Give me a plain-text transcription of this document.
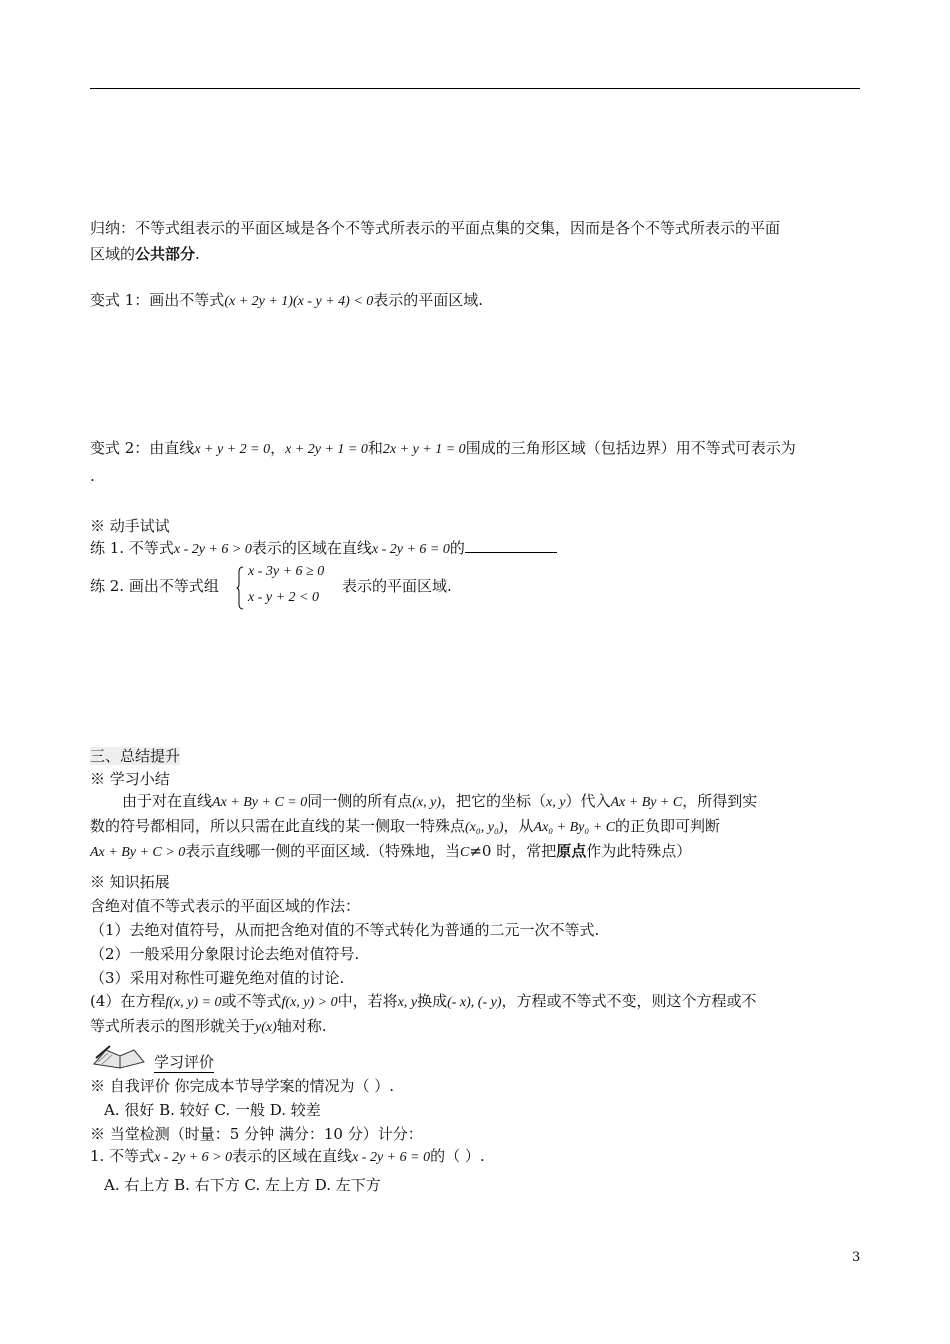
归纳：不等式组表示的平面区域是各个不等式所表示的平面点集的交集，因而是各个不等式所表示的平面
区域的公共部分.
变式 1：画出不等式(x + 2y + 1)(x - y + 4) < 0表示的平面区域.
变式 2：由直线x + y + 2 = 0，x + 2y + 1 = 0和2x + y + 1 = 0围成的三角形区域（包括边界）用不等式可表示为
.
※ 动手试试
练 1. 不等式x - 2y + 6 > 0表示的区域在直线x - 2y + 6 = 0的
练 2. 画出不等式组
x - 3y + 6 ≥ 0
x - y + 2 < 0
表示的平面区域.
三、总结提升
※ 学习小结
由于对在直线Ax + By + C = 0同一侧的所有点(x, y)，把它的坐标（x, y）代入Ax + By + C，所得到实
数的符号都相同，所以只需在此直线的某一侧取一特殊点(x₀, y₀)，从Ax₀ + By₀ + C的正负即可判断
Ax + By + C > 0表示直线哪一侧的平面区域.（特殊地，当C≠0 时，常把原点作为此特殊点）
※ 知识拓展
含绝对值不等式表示的平面区域的作法：
（1）去绝对值符号，从而把含绝对值的不等式转化为普通的二元一次不等式.
（2）一般采用分象限讨论去绝对值符号.
（3）采用对称性可避免绝对值的讨论.
(4）在方程f(x, y) = 0或不等式f(x, y) > 0中，若将x, y换成(- x), (- y)，方程或不等式不变，则这个方程或不
等式所表示的图形就关于y(x)轴对称.
学习评价
※ 自我评价 你完成本节导学案的情况为（ ）.
A. 很好 B. 较好 C. 一般 D. 较差
※ 当堂检测（时量：5 分钟 满分：10 分）计分：
1. 不等式x - 2y + 6 > 0表示的区域在直线x - 2y + 6 = 0的（ ）.
A. 右上方 B. 右下方 C. 左上方 D. 左下方
3
